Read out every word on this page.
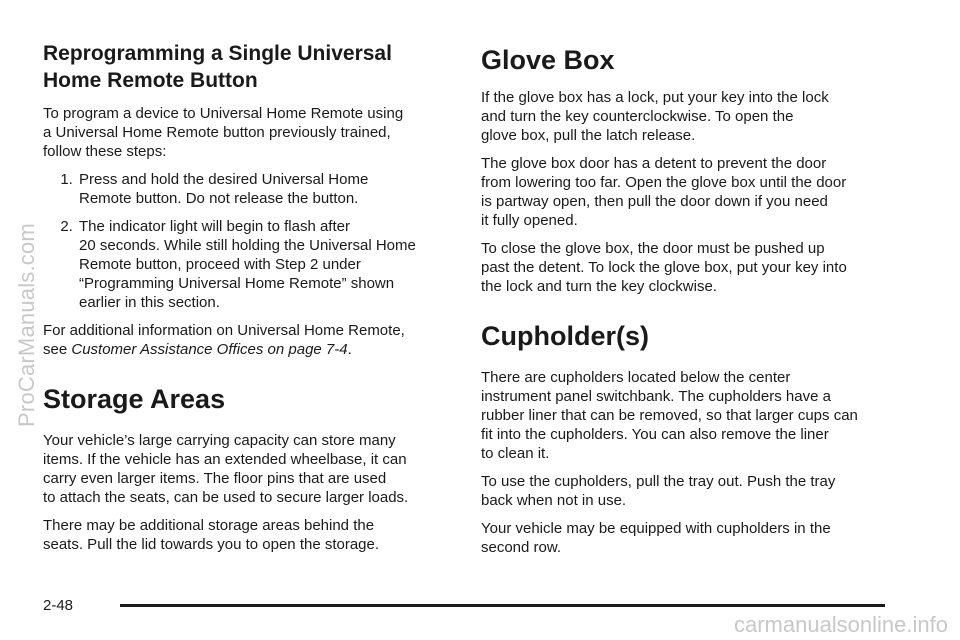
ProCarManuals.com
Reprogramming a Single Universal Home Remote Button

To program a device to Universal Home Remote using
a Universal Home Remote button previously trained,
follow these steps:

1. Press and hold the desired Universal Home
Remote button. Do not release the button.
2. The indicator light will begin to flash after
20 seconds. While still holding the Universal Home
Remote button, proceed with Step 2 under
“Programming Universal Home Remote” shown
earlier in this section.

For additional information on Universal Home Remote,
see Customer Assistance Offices on page 7-4.

Storage Areas

Your vehicle’s large carrying capacity can store many
items. If the vehicle has an extended wheelbase, it can
carry even larger items. The floor pins that are used
to attach the seats, can be used to secure larger loads.

There may be additional storage areas behind the
seats. Pull the lid towards you to open the storage.

Glove Box

If the glove box has a lock, put your key into the lock
and turn the key counterclockwise. To open the
glove box, pull the latch release.

The glove box door has a detent to prevent the door
from lowering too far. Open the glove box until the door
is partway open, then pull the door down if you need
it fully opened.

To close the glove box, the door must be pushed up
past the detent. To lock the glove box, put your key into
the lock and turn the key clockwise.

Cupholder(s)

There are cupholders located below the center
instrument panel switchbank. The cupholders have a
rubber liner that can be removed, so that larger cups can
fit into the cupholders. You can also remove the liner
to clean it.

To use the cupholders, pull the tray out. Push the tray
back when not in use.

Your vehicle may be equipped with cupholders in the
second row.

2-48
carmanualsonline.info
